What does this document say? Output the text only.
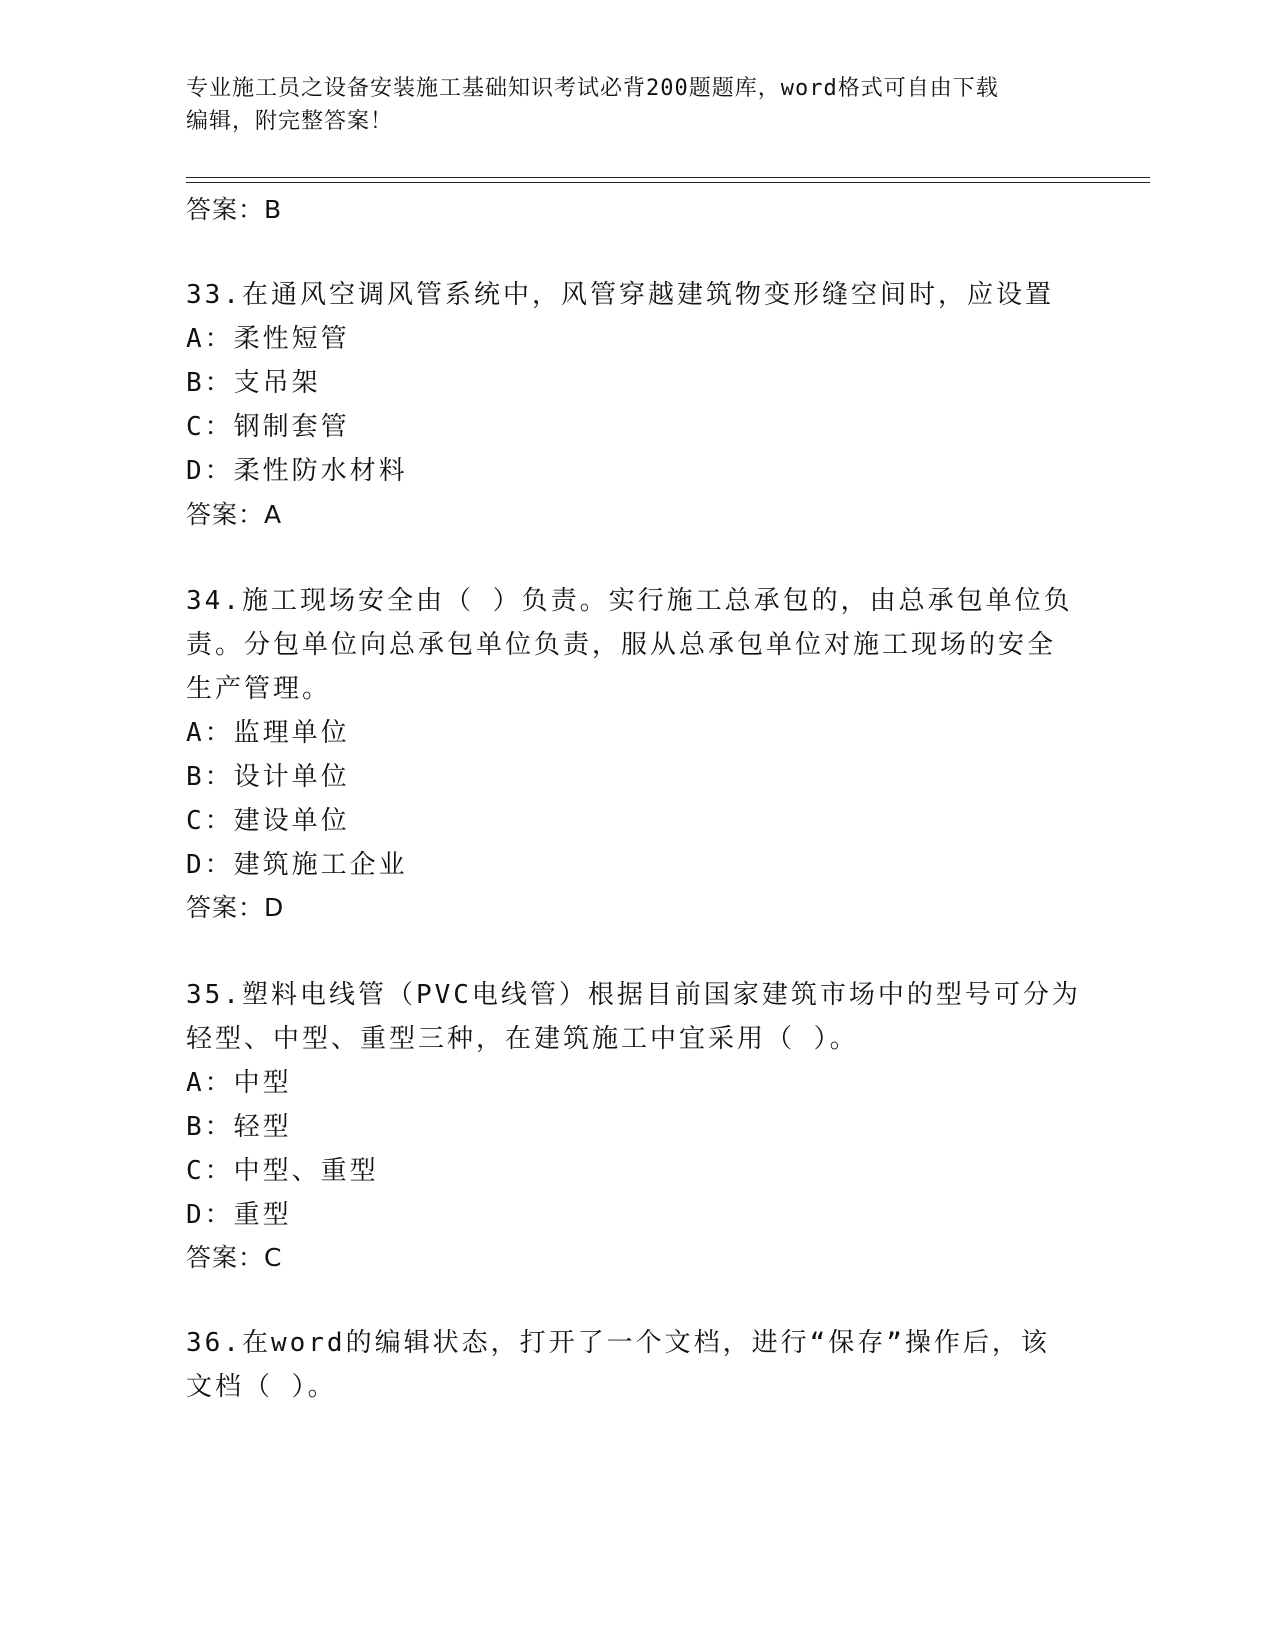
专业施工员之设备安装施工基础知识考试必背200题题库，word格式可自由下载
编辑，附完整答案！
答案：B
33.在通风空调风管系统中，风管穿越建筑物变形缝空间时，应设置
A：柔性短管
B：支吊架
C：钢制套管
D：柔性防水材料
答案：A
34.施工现场安全由（ ）负责。实行施工总承包的，由总承包单位负
责。分包单位向总承包单位负责，服从总承包单位对施工现场的安全
生产管理。
A：监理单位
B：设计单位
C：建设单位
D：建筑施工企业
答案：D
35.塑料电线管（PVC电线管）根据目前国家建筑市场中的型号可分为
轻型、中型、重型三种，在建筑施工中宜采用（ ）。
A：中型
B：轻型
C：中型、重型
D：重型
答案：C
36.在word的编辑状态，打开了一个文档，进行“保存”操作后，该
文档（ ）。
